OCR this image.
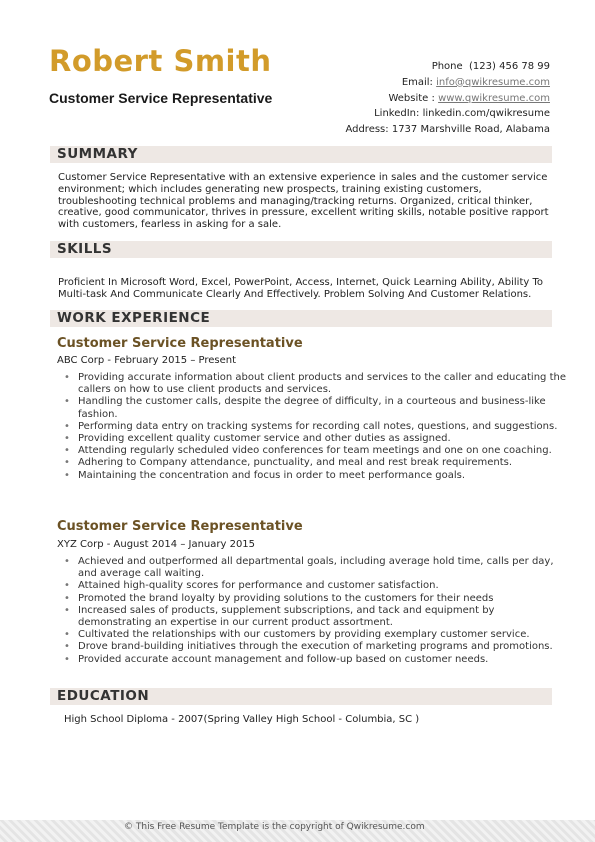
Robert Smith
Customer Service Representative
Phone (123) 456 78 99
Email: info@qwikresume.com
Website : www.qwikresume.com
LinkedIn: linkedin.com/qwikresume
Address: 1737 Marshville Road, Alabama
SUMMARY
Customer Service Representative with an extensive experience in sales and the customer service environment; which includes generating new prospects, training existing customers, troubleshooting technical problems and managing/tracking returns. Organized, critical thinker, creative, good communicator, thrives in pressure, excellent writing skills, notable positive rapport with customers, fearless in asking for a sale.
SKILLS
Proficient In Microsoft Word, Excel, PowerPoint, Access, Internet, Quick Learning Ability, Ability To Multi-task And Communicate Clearly And Effectively. Problem Solving And Customer Relations.
WORK EXPERIENCE
Customer Service Representative
ABC Corp - February 2015 – Present
• Providing accurate information about client products and services to the caller and educating the callers on how to use client products and services.
• Handling the customer calls, despite the degree of difficulty, in a courteous and business-like fashion.
• Performing data entry on tracking systems for recording call notes, questions, and suggestions.
• Providing excellent quality customer service and other duties as assigned.
• Attending regularly scheduled video conferences for team meetings and one on one coaching.
• Adhering to Company attendance, punctuality, and meal and rest break requirements.
• Maintaining the concentration and focus in order to meet performance goals.
Customer Service Representative
XYZ Corp - August 2014 – January 2015
• Achieved and outperformed all departmental goals, including average hold time, calls per day, and average call waiting.
• Attained high-quality scores for performance and customer satisfaction.
• Promoted the brand loyalty by providing solutions to the customers for their needs
• Increased sales of products, supplement subscriptions, and tack and equipment by demonstrating an expertise in our current product assortment.
• Cultivated the relationships with our customers by providing exemplary customer service.
• Drove brand-building initiatives through the execution of marketing programs and promotions.
• Provided accurate account management and follow-up based on customer needs.
EDUCATION
High School Diploma - 2007(Spring Valley High School - Columbia, SC )
© This Free Resume Template is the copyright of Qwikresume.com
